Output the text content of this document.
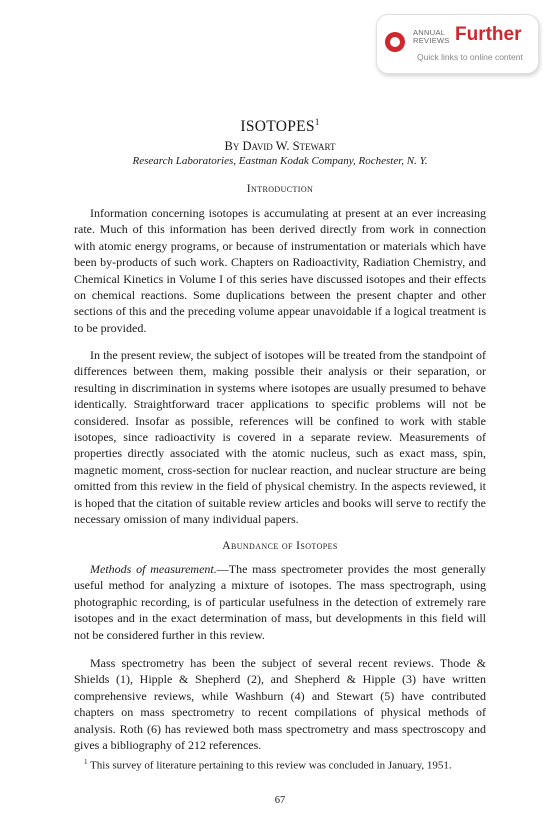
ANNUAL
REVIEWS Further
Quick links to online content
ISOTOPES$^1$
By David W. Stewart
Research Laboratories, Eastman Kodak Company, Rochester, N. Y.
Introduction

Information concerning isotopes is accumulating at present at an ever increasing rate. Much of this information has been derived directly from work in connection with atomic energy programs, or because of instrumentation or materials which have been by-products of such work. Chapters on Radioactivity, Radiation Chemistry, and Chemical Kinetics in Volume I of this series have discussed isotopes and their effects on chemical reactions. Some duplications between the present chapter and other sections of this and the preceding volume appear unavoidable if a logical treatment is to be provided.

In the present review, the subject of isotopes will be treated from the standpoint of differences between them, making possible their analysis or their separation, or resulting in discrimination in systems where isotopes are usually presumed to behave identically. Straightforward tracer applications to specific problems will not be considered. Insofar as possible, references will be confined to work with stable isotopes, since radioactivity is covered in a separate review. Measurements of properties directly associated with the atomic nucleus, such as exact mass, spin, magnetic moment, cross-section for nuclear reaction, and nuclear structure are being omitted from this review in the field of physical chemistry. In the aspects reviewed, it is hoped that the citation of suitable review articles and books will serve to rectify the necessary omission of many individual papers.

Abundance of Isotopes

Methods of measurement.—The mass spectrometer provides the most generally useful method for analyzing a mixture of isotopes. The mass spectrograph, using photographic recording, is of particular usefulness in the detection of extremely rare isotopes and in the exact determination of mass, but developments in this field will not be considered further in this review.

Mass spectrometry has been the subject of several recent reviews. Thode & Shields (1), Hipple & Shepherd (2), and Shepherd & Hipple (3) have written comprehensive reviews, while Washburn (4) and Stewart (5) have contributed chapters on mass spectrometry to recent compilations of physical methods of analysis. Roth (6) has reviewed both mass spectrometry and mass spectroscopy and gives a bibliography of 212 references.

$^1$ This survey of literature pertaining to this review was concluded in January, 1951.

67
